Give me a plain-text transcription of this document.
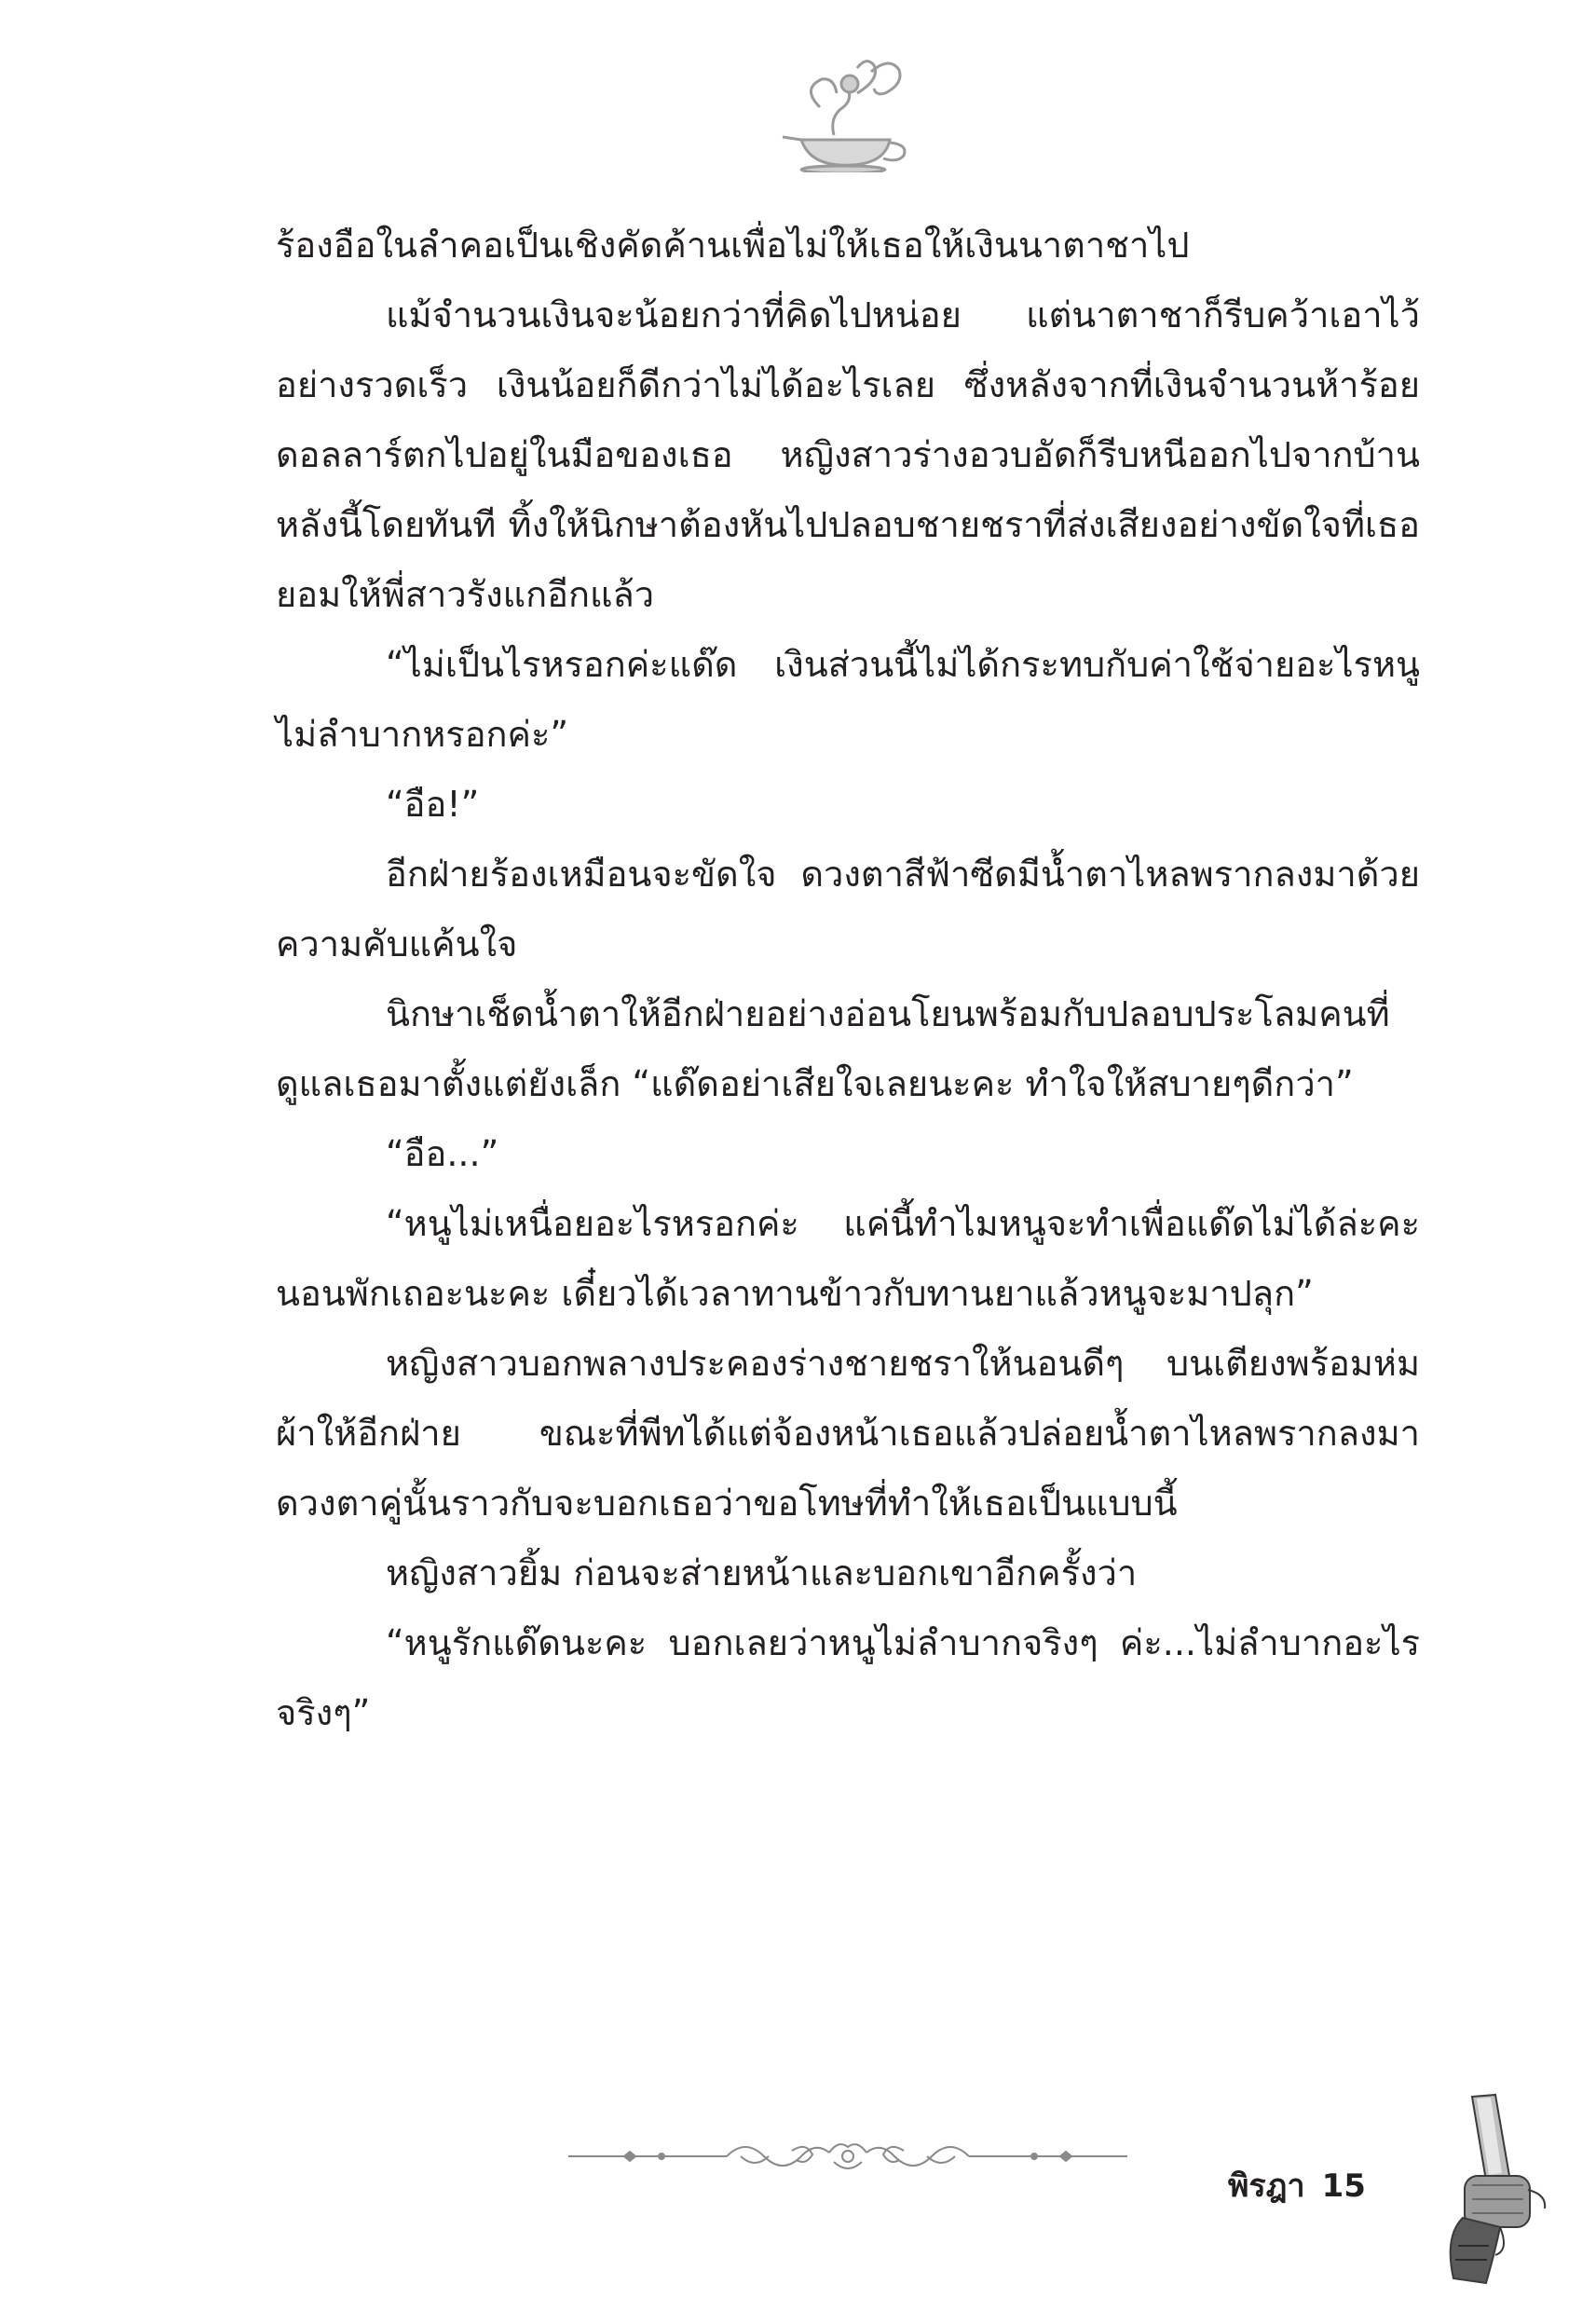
ร้องอือในลำคอเป็นเชิงคัดค้านเพื่อไม่ให้เธอให้เงินนาตาชาไป

แม้จำนวนเงินจะน้อยกว่าที่คิดไปหน่อย แต่นาตาชาก็รีบคว้าเอาไว้อย่างรวดเร็ว เงินน้อยก็ดีกว่าไม่ได้อะไรเลย ซึ่งหลังจากที่เงินจำนวนห้าร้อยดอลลาร์ตกไปอยู่ในมือของเธอ หญิงสาวร่างอวบอัดก็รีบหนีออกไปจากบ้านหลังนี้โดยทันที ทิ้งให้นิกษาต้องหันไปปลอบชายชราที่ส่งเสียงอย่างขัดใจที่เธอยอมให้พี่สาวรังแกอีกแล้ว

“ไม่เป็นไรหรอกค่ะแด๊ด เงินส่วนนี้ไม่ได้กระทบกับค่าใช้จ่ายอะไรหนูไม่ลำบากหรอกค่ะ”

“อือ!”

อีกฝ่ายร้องเหมือนจะขัดใจ ดวงตาสีฟ้าซีดมีน้ำตาไหลพรากลงมาด้วยความคับแค้นใจ

นิกษาเช็ดน้ำตาให้อีกฝ่ายอย่างอ่อนโยนพร้อมกับปลอบประโลมคนที่ดูแลเธอมาตั้งแต่ยังเล็ก “แด๊ดอย่าเสียใจเลยนะคะ ทำใจให้สบายๆดีกว่า”

“อือ...”

“หนูไม่เหนื่อยอะไรหรอกค่ะ แค่นี้ทำไมหนูจะทำเพื่อแด๊ดไม่ได้ล่ะคะ นอนพักเถอะนะคะ เดี๋ยวได้เวลาทานข้าวกับทานยาแล้วหนูจะมาปลุก”

หญิงสาวบอกพลางประคองร่างชายชราให้นอนดีๆ บนเตียงพร้อมห่มผ้าให้อีกฝ่าย ขณะที่พีทได้แต่จ้องหน้าเธอแล้วปล่อยน้ำตาไหลพรากลงมา ดวงตาคู่นั้นราวกับจะบอกเธอว่าขอโทษที่ทำให้เธอเป็นแบบนี้

หญิงสาวยิ้ม ก่อนจะส่ายหน้าและบอกเขาอีกครั้งว่า

“หนูรักแด๊ดนะคะ บอกเลยว่าหนูไม่ลำบากจริงๆ ค่ะ...ไม่ลำบากอะไรจริงๆ”

พิรฎา 15
